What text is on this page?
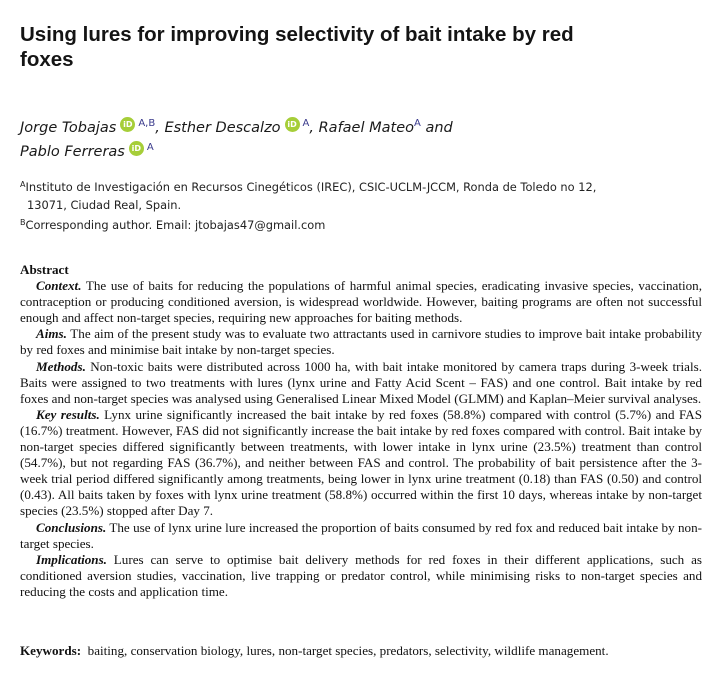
Using lures for improving selectivity of bait intake by red foxes
Jorge Tobajas iD $^{A,B}$, Esther Descalzo iD $^A$, Rafael Mateo$^A$ and
Pablo Ferreras iD $^A$
$^A$Instituto de Investigación en Recursos Cinegéticos (IREC), CSIC-UCLM-JCCM, Ronda de Toledo no 12,
13071, Ciudad Real, Spain.
$^B$Corresponding author. Email: jtobajas47@gmail.com

Abstract

Context. The use of baits for reducing the populations of harmful animal species, eradicating invasive species, vaccination, contraception or producing conditioned aversion, is widespread worldwide. However, baiting programs are often not successful enough and affect non-target species, requiring new approaches for baiting methods.

Aims. The aim of the present study was to evaluate two attractants used in carnivore studies to improve bait intake probability by red foxes and minimise bait intake by non-target species.

Methods. Non-toxic baits were distributed across 1000 ha, with bait intake monitored by camera traps during 3-week trials. Baits were assigned to two treatments with lures (lynx urine and Fatty Acid Scent – FAS) and one control. Bait intake by red foxes and non-target species was analysed using Generalised Linear Mixed Model (GLMM) and Kaplan–Meier survival analyses.

Key results. Lynx urine significantly increased the bait intake by red foxes (58.8%) compared with control (5.7%) and FAS (16.7%) treatment. However, FAS did not significantly increase the bait intake by red foxes compared with control. Bait intake by non-target species differed significantly between treatments, with lower intake in lynx urine (23.5%) treatment than control (54.7%), but not regarding FAS (36.7%), and neither between FAS and control. The probability of bait persistence after the 3-week trial period differed significantly among treatments, being lower in lynx urine treatment (0.18) than FAS (0.50) and control (0.43). All baits taken by foxes with lynx urine treatment (58.8%) occurred within the first 10 days, whereas intake by non-target species (23.5%) stopped after Day 7.

Conclusions. The use of lynx urine lure increased the proportion of baits consumed by red fox and reduced bait intake by non-target species.

Implications. Lures can serve to optimise bait delivery methods for red foxes in their different applications, such as conditioned aversion studies, vaccination, live trapping or predator control, while minimising risks to non-target species and reducing the costs and application time.

Keywords: baiting, conservation biology, lures, non-target species, predators, selectivity, wildlife management.
